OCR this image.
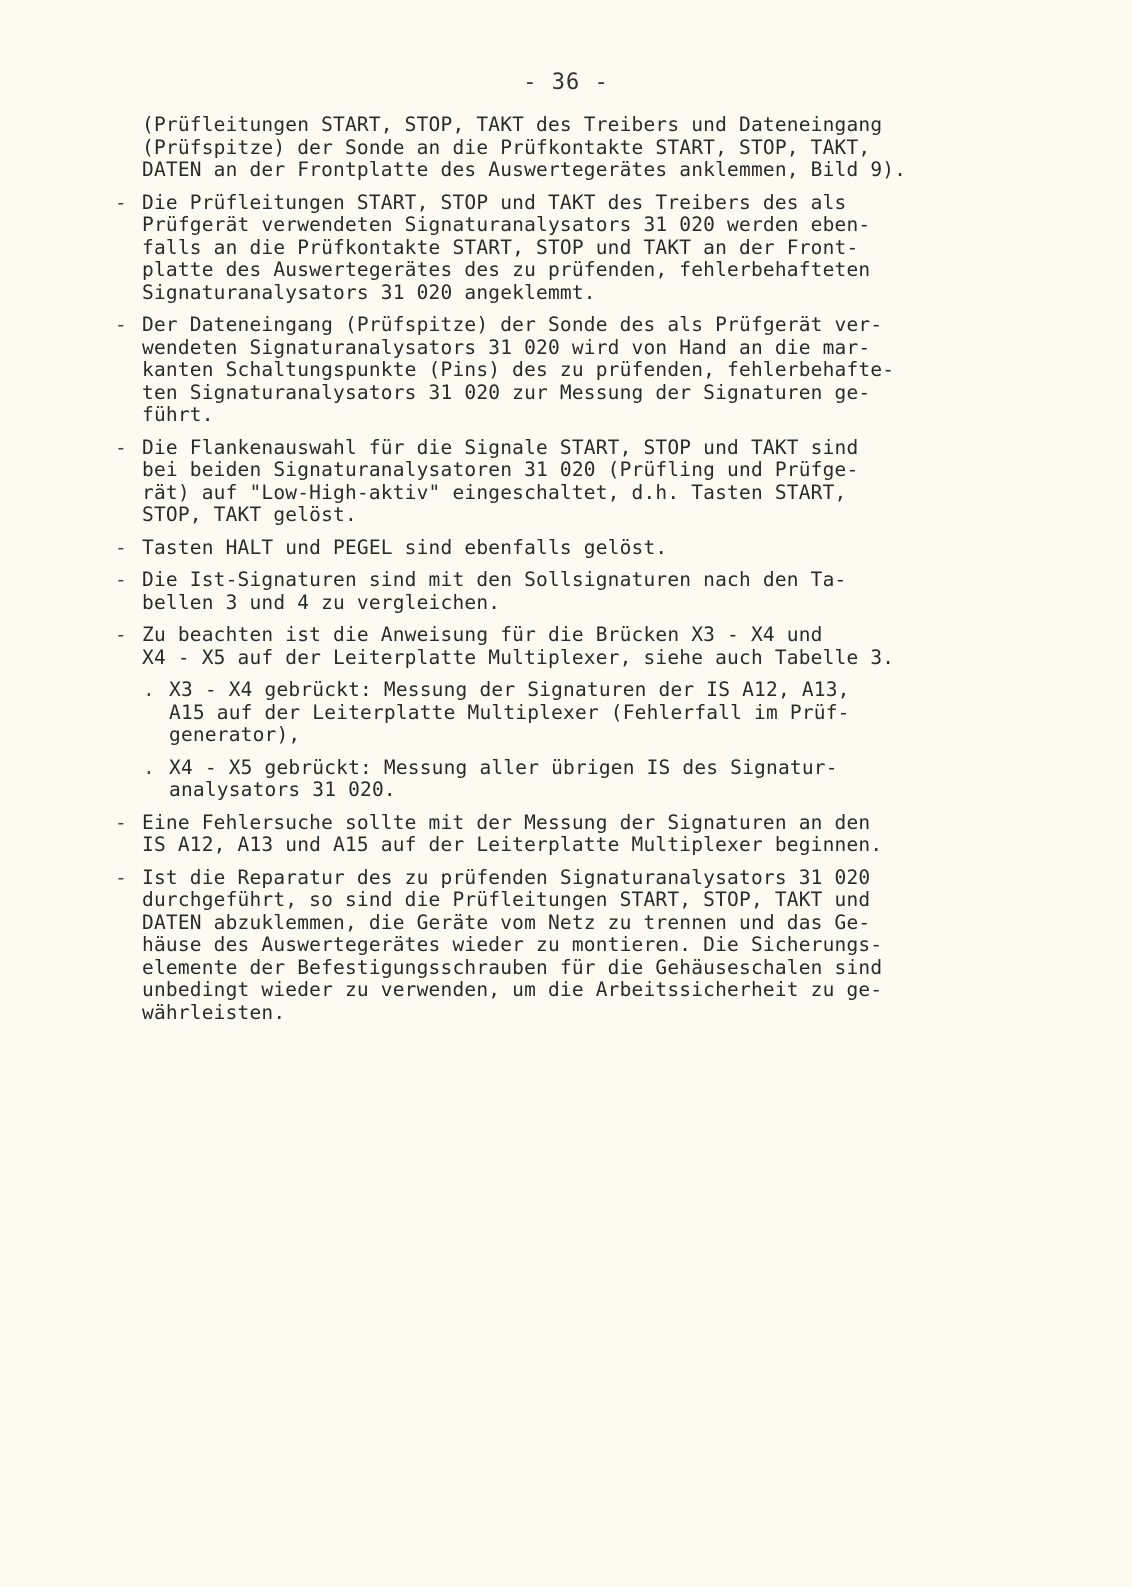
- 36 -
(Prüfleitungen START, STOP, TAKT des Treibers und Dateneingang
(Prüfspitze) der Sonde an die Prüfkontakte START, STOP, TAKT,
DATEN an der Frontplatte des Auswertegerätes anklemmen, Bild 9).
- Die Prüfleitungen START, STOP und TAKT des Treibers des als
Prüfgerät verwendeten Signaturanalysators 31 020 werden eben-
falls an die Prüfkontakte START, STOP und TAKT an der Front-
platte des Auswertegerätes des zu prüfenden, fehlerbehafteten
Signaturanalysators 31 020 angeklemmt.
- Der Dateneingang (Prüfspitze) der Sonde des als Prüfgerät ver-
wendeten Signaturanalysators 31 020 wird von Hand an die mar-
kanten Schaltungspunkte (Pins) des zu prüfenden, fehlerbehafte-
ten Signaturanalysators 31 020 zur Messung der Signaturen ge-
führt.
- Die Flankenauswahl für die Signale START, STOP und TAKT sind
bei beiden Signaturanalysatoren 31 020 (Prüfling und Prüfge-
rät) auf "Low-High-aktiv" eingeschaltet, d.h. Tasten START,
STOP, TAKT gelöst.
- Tasten HALT und PEGEL sind ebenfalls gelöst.
- Die Ist-Signaturen sind mit den Sollsignaturen nach den Ta-
bellen 3 und 4 zu vergleichen.
- Zu beachten ist die Anweisung für die Brücken X3 - X4 und
X4 - X5 auf der Leiterplatte Multiplexer, siehe auch Tabelle 3.
. X3 - X4 gebrückt: Messung der Signaturen der IS A12, A13,
A15 auf der Leiterplatte Multiplexer (Fehlerfall im Prüf-
generator),
. X4 - X5 gebrückt: Messung aller übrigen IS des Signatur-
analysators 31 020.
- Eine Fehlersuche sollte mit der Messung der Signaturen an den
IS A12, A13 und A15 auf der Leiterplatte Multiplexer beginnen.
- Ist die Reparatur des zu prüfenden Signaturanalysators 31 020
durchgeführt, so sind die Prüfleitungen START, STOP, TAKT und
DATEN abzuklemmen, die Geräte vom Netz zu trennen und das Ge-
häuse des Auswertegerätes wieder zu montieren. Die Sicherungs-
elemente der Befestigungsschrauben für die Gehäuseschalen sind
unbedingt wieder zu verwenden, um die Arbeitssicherheit zu ge-
währleisten.
